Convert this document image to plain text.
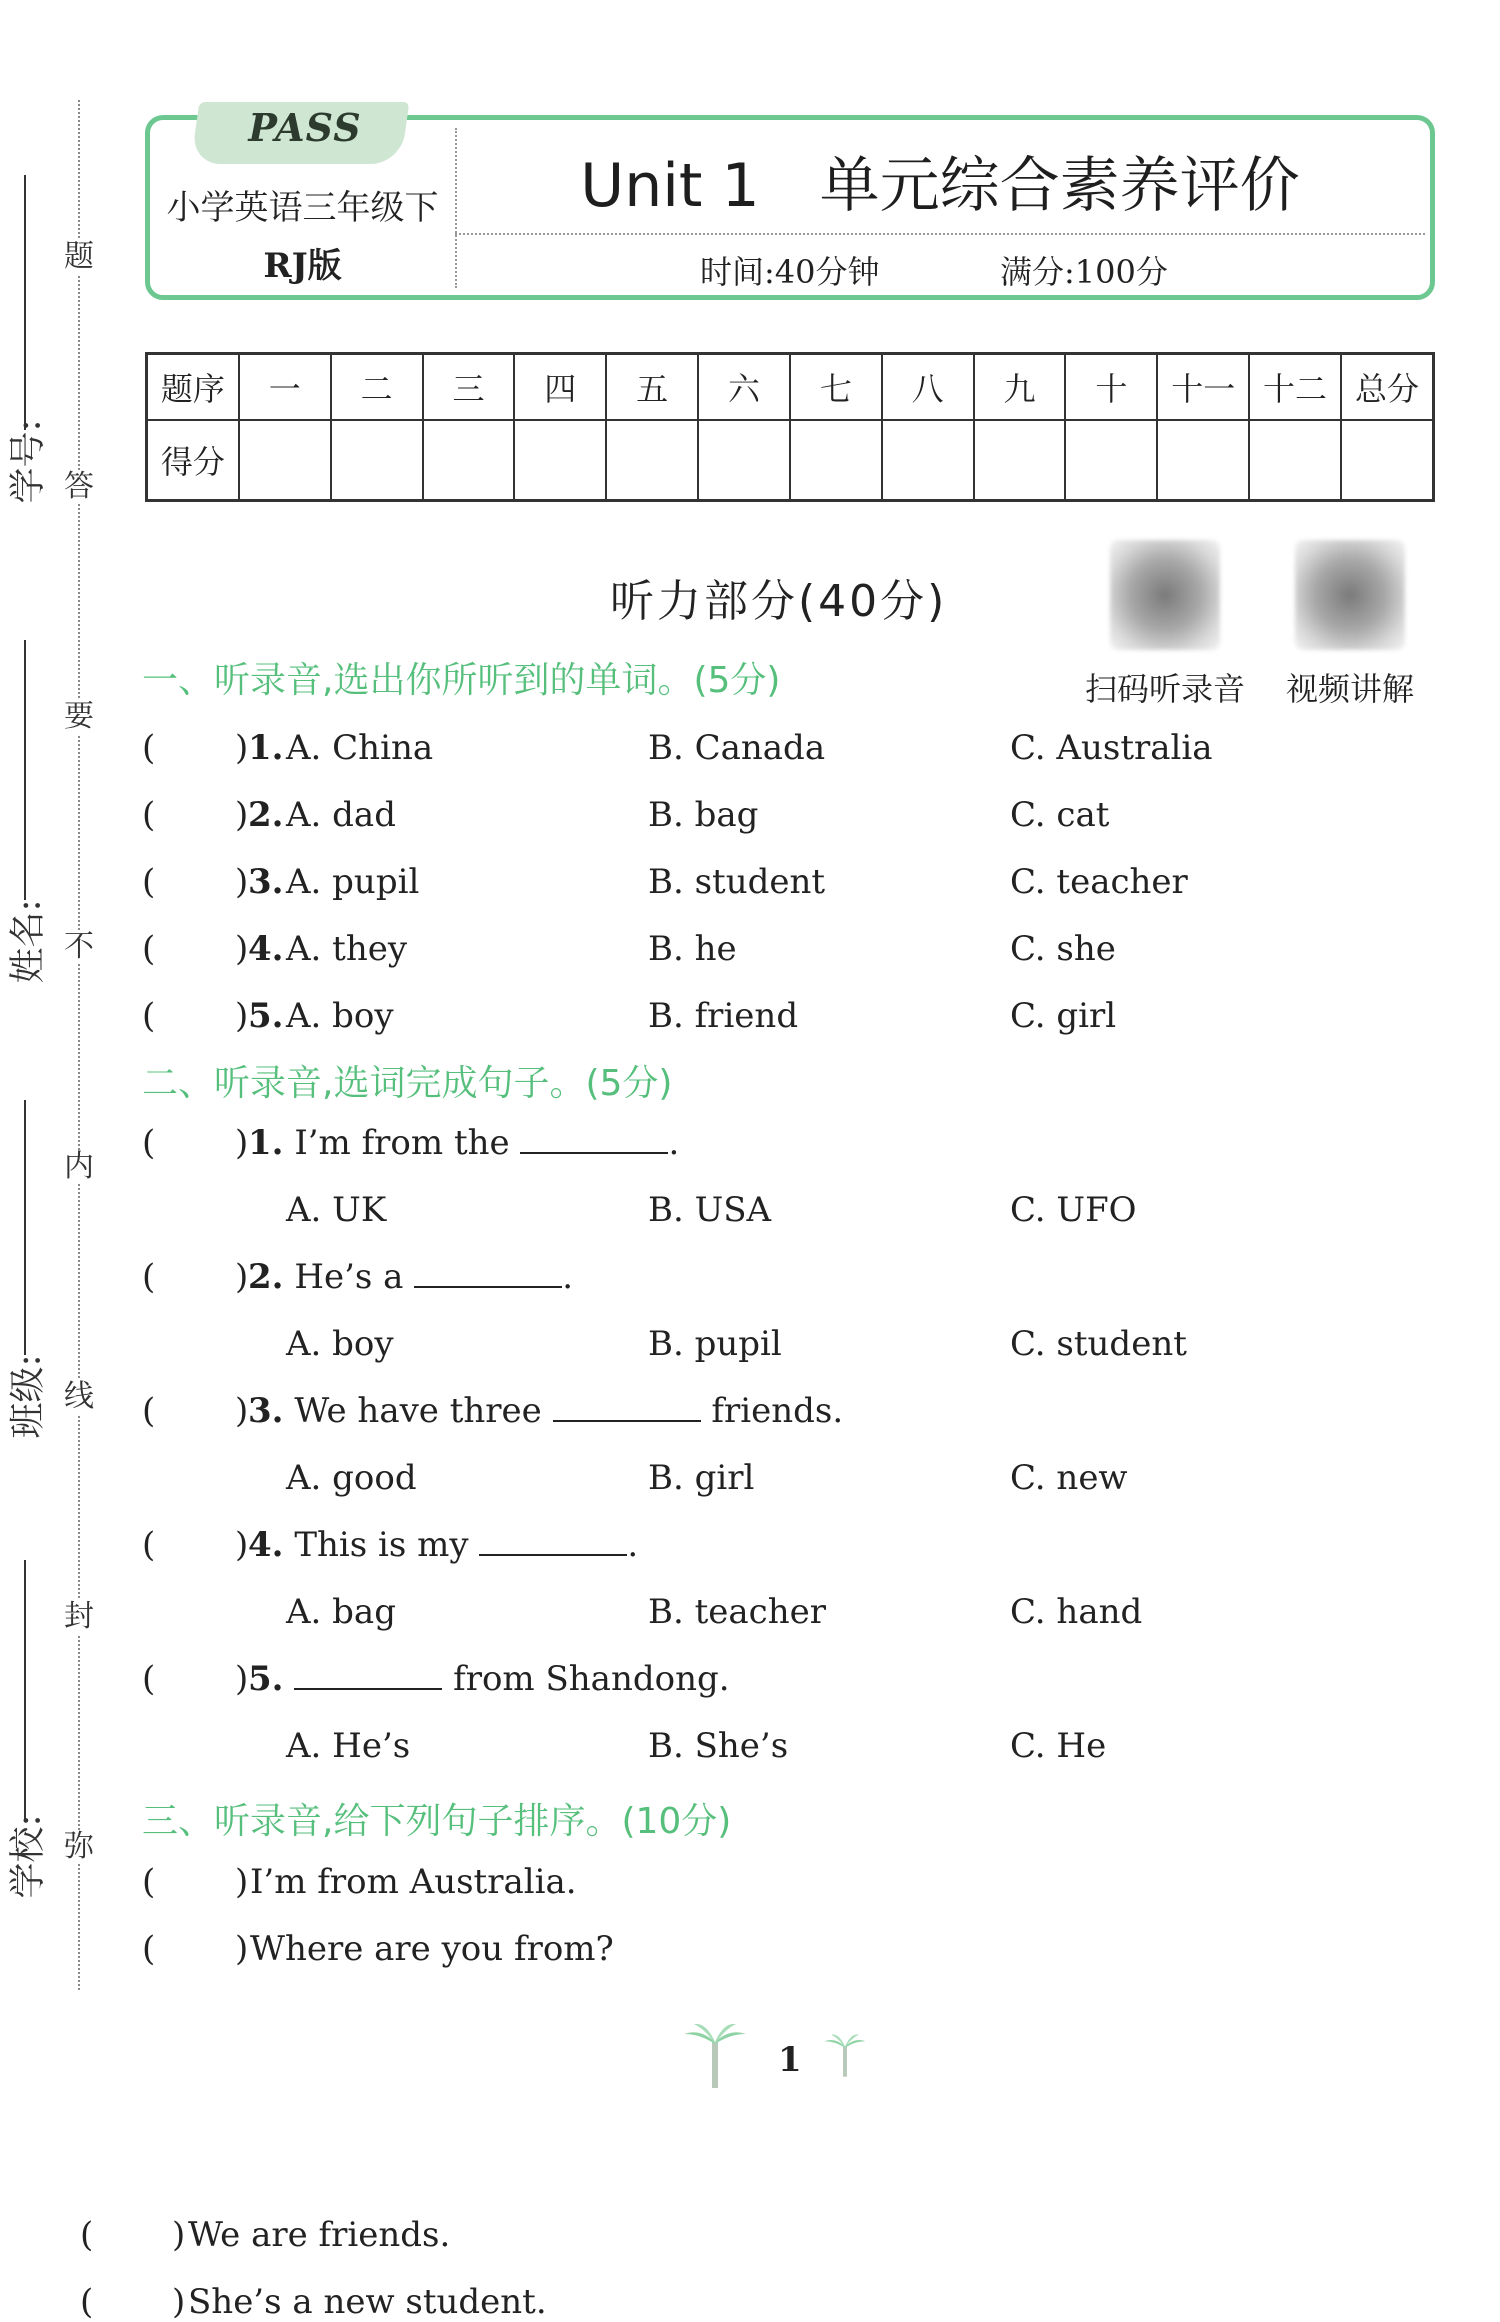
题
答
要
不
内
线
封
弥
学号:
姓名:
班级:
学校:
PASS
小学英语三年级下
RJ版
Unit 1　单元综合素养评价
时间:40分钟	满分:100分
题序	一	二	三	四	五	六	七	八	九	十	十一	十二	总分
得分													
听力部分(40分)
扫码听录音	视频讲解
一、听录音,选出你所听到的单词。(5分)
( ) 1. A. China	B. Canada	C. Australia
( ) 2. A. dad	B. bag	C. cat
( ) 3. A. pupil	B. student	C. teacher
( ) 4. A. they	B. he	C. she
( ) 5. A. boy	B. friend	C. girl
二、听录音,选词完成句子。(5分)
( ) 1. I’m from the	.
A. UK	B. USA	C. UFO
( ) 2. He’s a	.
A. boy	B. pupil	C. student
( ) 3. We have three	friends.
A. good	B. girl	C. new
( ) 4. This is my	.
A. bag	B. teacher	C. hand
( ) 5.	from Shandong.
A. He’s	B. She’s	C. He
三、听录音,给下列句子排序。(10分)
( ) I’m from Australia.
( ) Where are you from?
1
( ) We are friends.
( ) She’s a new student.
